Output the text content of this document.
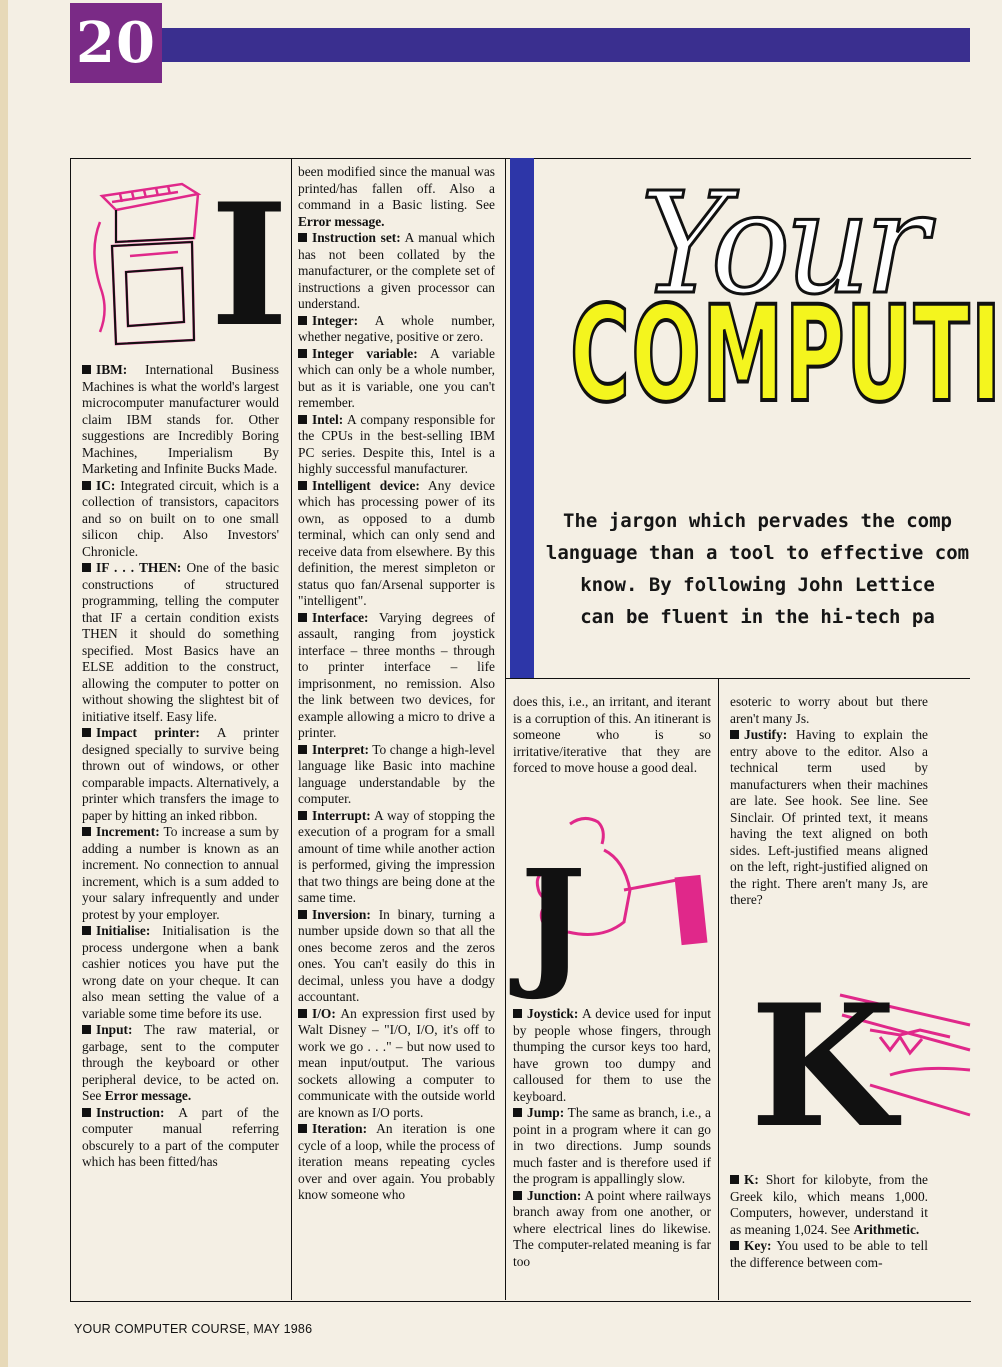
20
Your
COMPUTI
The jargon which pervades the comp
language than a tool to effective com
know. By following John Lettice
can be fluent in the hi-tech pa
I
J
K

IBM: International Business Machines is what the world's largest microcomputer manufacturer would claim IBM stands for. Other suggestions are Incredibly Boring Machines, Imperialism By Marketing and Infinite Bucks Made.

IC: Integrated circuit, which is a collection of transistors, capacitors and so on built on to one small silicon chip. Also Investors' Chronicle.

IF . . . THEN: One of the basic constructions of structured programming, telling the computer that IF a certain condition exists THEN it should do something specified. Most Basics have an ELSE addition to the construct, allowing the computer to potter on without showing the slightest bit of initiative itself. Easy life.

Impact printer: A printer designed specially to survive being thrown out of windows, or other comparable impacts. Alternatively, a printer which transfers the image to paper by hitting an inked ribbon.

Increment: To increase a sum by adding a number is known as an increment. No connection to annual increment, which is a sum added to your salary infrequently and under protest by your employer.

Initialise: Initialisation is the process undergone when a bank cashier notices you have put the wrong date on your cheque. It can also mean setting the value of a variable some time before its use.

Input: The raw material, or garbage, sent to the computer through the keyboard or other peripheral device, to be acted on. See Error message.

Instruction: A part of the computer manual referring obscurely to a part of the computer which has been fitted/has

been modified since the manual was printed/has fallen off. Also a command in a Basic listing. See Error message.

Instruction set: A manual which has not been collated by the manufacturer, or the complete set of instructions a given processor can understand.

Integer: A whole number, whether negative, positive or zero.

Integer variable: A variable which can only be a whole number, but as it is variable, one you can't remember.

Intel: A company responsible for the CPUs in the best-selling IBM PC series. Despite this, Intel is a highly successful manufacturer.

Intelligent device: Any device which has processing power of its own, as opposed to a dumb terminal, which can only send and receive data from elsewhere. By this definition, the merest simpleton or status quo fan/Arsenal supporter is "intelligent".

Interface: Varying degrees of assault, ranging from joystick interface – three months – through to printer interface – life imprisonment, no remission. Also the link between two devices, for example allowing a micro to drive a printer.

Interpret: To change a high-level language like Basic into machine language understandable by the computer.

Interrupt: A way of stopping the execution of a program for a small amount of time while another action is performed, giving the impression that two things are being done at the same time.

Inversion: In binary, turning a number upside down so that all the ones become zeros and the zeros ones. You can't easily do this in decimal, unless you have a dodgy accountant.

I/O: An expression first used by Walt Disney – "I/O, I/O, it's off to work we go . . ." – but now used to mean input/output. The various sockets allowing a computer to communicate with the outside world are known as I/O ports.

Iteration: An iteration is one cycle of a loop, while the process of iteration means repeating cycles over and over again. You probably know someone who

does this, i.e., an irritant, and iterant is a corruption of this. An itinerant is someone who is so irritative/iterative that they are forced to move house a good deal.

Joystick: A device used for input by people whose fingers, through thumping the cursor keys too hard, have grown too dumpy and calloused for them to use the keyboard.

Jump: The same as branch, i.e., a point in a program where it can go in two directions. Jump sounds much faster and is therefore used if the program is appallingly slow.

Junction: A point where railways branch away from one another, or where electrical lines do likewise. The computer-related meaning is far too

esoteric to worry about but there aren't many Js.

Justify: Having to explain the entry above to the editor. Also a technical term used by manufacturers when their machines are late. See hook. See line. See Sinclair. Of printed text, it means having the text aligned on both sides. Left-justified means aligned on the left, right-justified aligned on the right. There aren't many Js, are there?

K: Short for kilobyte, from the Greek kilo, which means 1,000. Computers, however, understand it as meaning 1,024. See Arithmetic.

Key: You used to be able to tell the difference between com-

YOUR COMPUTER COURSE, MAY 1986
